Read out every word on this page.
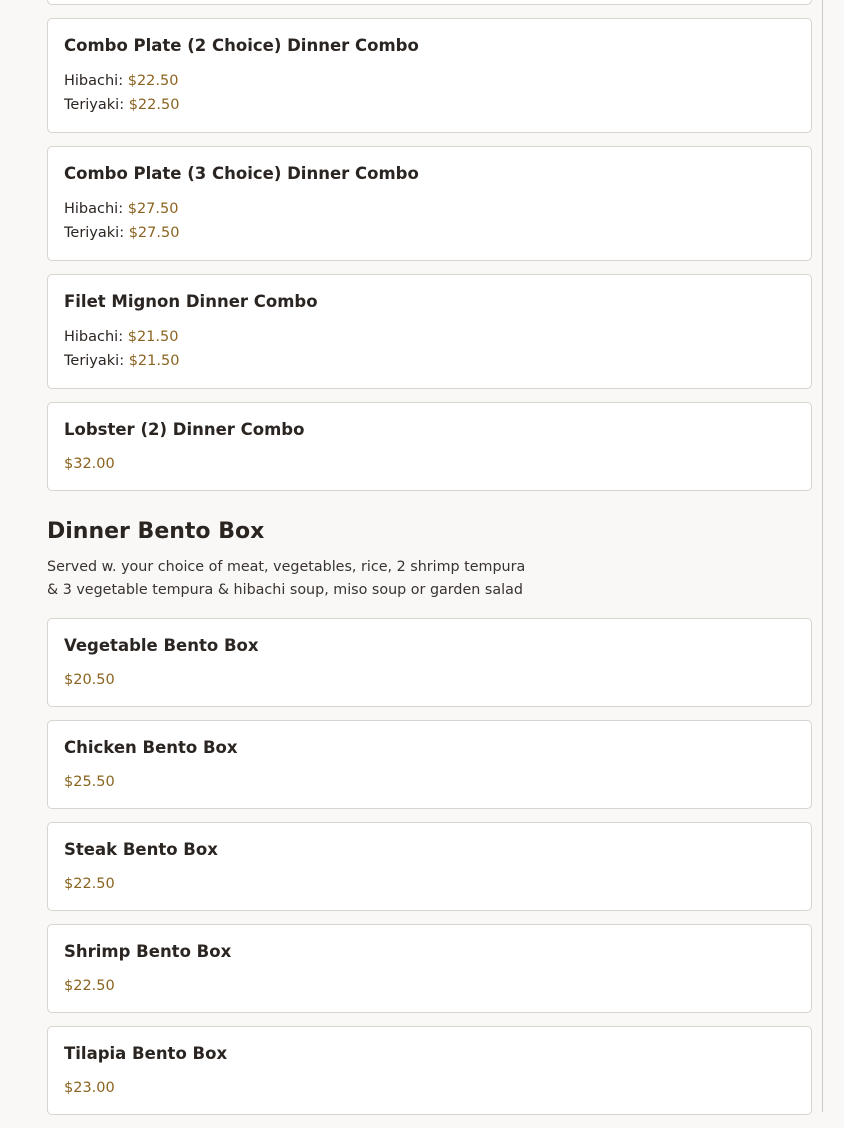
Combo Plate (2 Choice) Dinner Combo
Hibachi: $22.50
Teriyaki: $22.50
Combo Plate (3 Choice) Dinner Combo
Hibachi: $27.50
Teriyaki: $27.50
Filet Mignon Dinner Combo
Hibachi: $21.50
Teriyaki: $21.50
Lobster (2) Dinner Combo
$32.00
Dinner Bento Box

Served w. your choice of meat, vegetables, rice, 2 shrimp tempura
& 3 vegetable tempura & hibachi soup, miso soup or garden salad

Vegetable Bento Box
$20.50
Chicken Bento Box
$25.50
Steak Bento Box
$22.50
Shrimp Bento Box
$22.50
Tilapia Bento Box
$23.00
